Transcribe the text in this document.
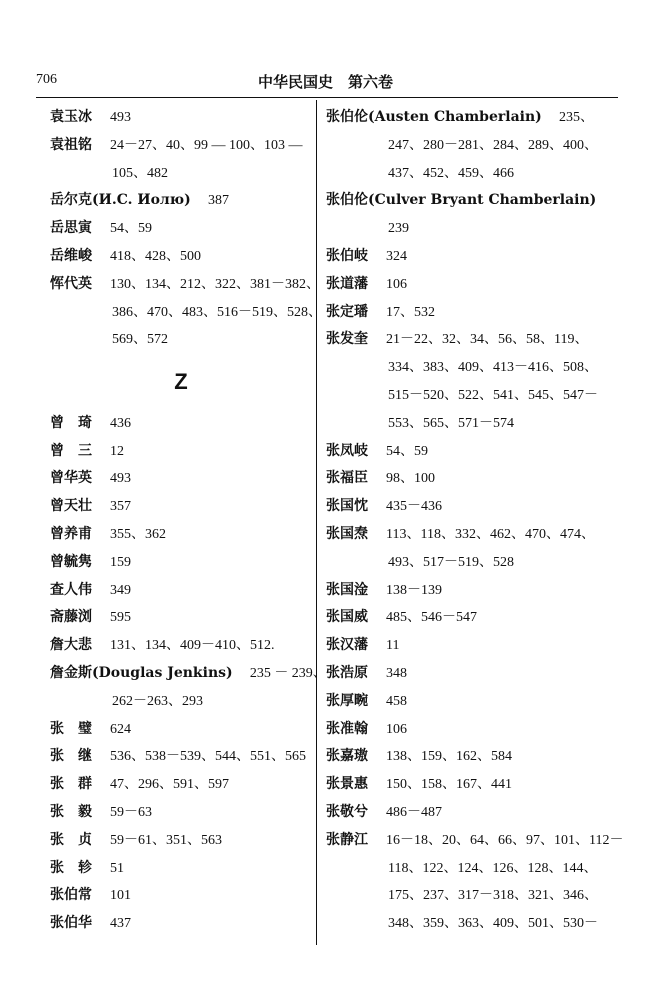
706	中华民国史　第六卷
袁玉冰 493
袁祖铭 24－27、40、99 — 100、103 —
105、482
岳尔克(И.C. Иолю) 387
岳思寅 54、59
岳维峻 418、428、500
恽代英 130、134、212、322、381－382、
386、470、483、516－519、528、
569、572
Z
曾　琦 436
曾　三 12
曾华英 493
曾天壮 357
曾养甫 355、362
曾毓隽 159
查人伟 349
斋藤浏 595
詹大悲 131、134、409－410、512.
詹金斯(Douglas Jenkins) 235 － 239、
262－263、293
张　璧 624
张　继 536、538－539、544、551、565
张　群 47、296、591、597
张　毅 59－63
张　贞 59－61、351、563
张　轸 51
张伯常 101
张伯华 437
张伯伦(Austen Chamberlain) 235、
247、280－281、284、289、400、
437、452、459、466
张伯伦(Culver Bryant Chamberlain)
239
张伯岐 324
张道藩 106
张定璠 17、532
张发奎 21－22、32、34、56、58、119、
334、383、409、413－416、508、
515－520、522、541、545、547－
553、565、571－574
张凤岐 54、59
张福臣 98、100
张国忱 435－436
张国焘 113、118、332、462、470、474、
493、517－519、528
张国淦 138－139
张国威 485、546－547
张汉藩 11
张浩原 348
张厚畹 458
张准翰 106
张嘉璈 138、159、162、584
张景惠 150、158、167、441
张敬兮 486－487
张静江 16－18、20、64、66、97、101、112－
118、122、124、126、128、144、
175、237、317－318、321、346、
348、359、363、409、501、530－
